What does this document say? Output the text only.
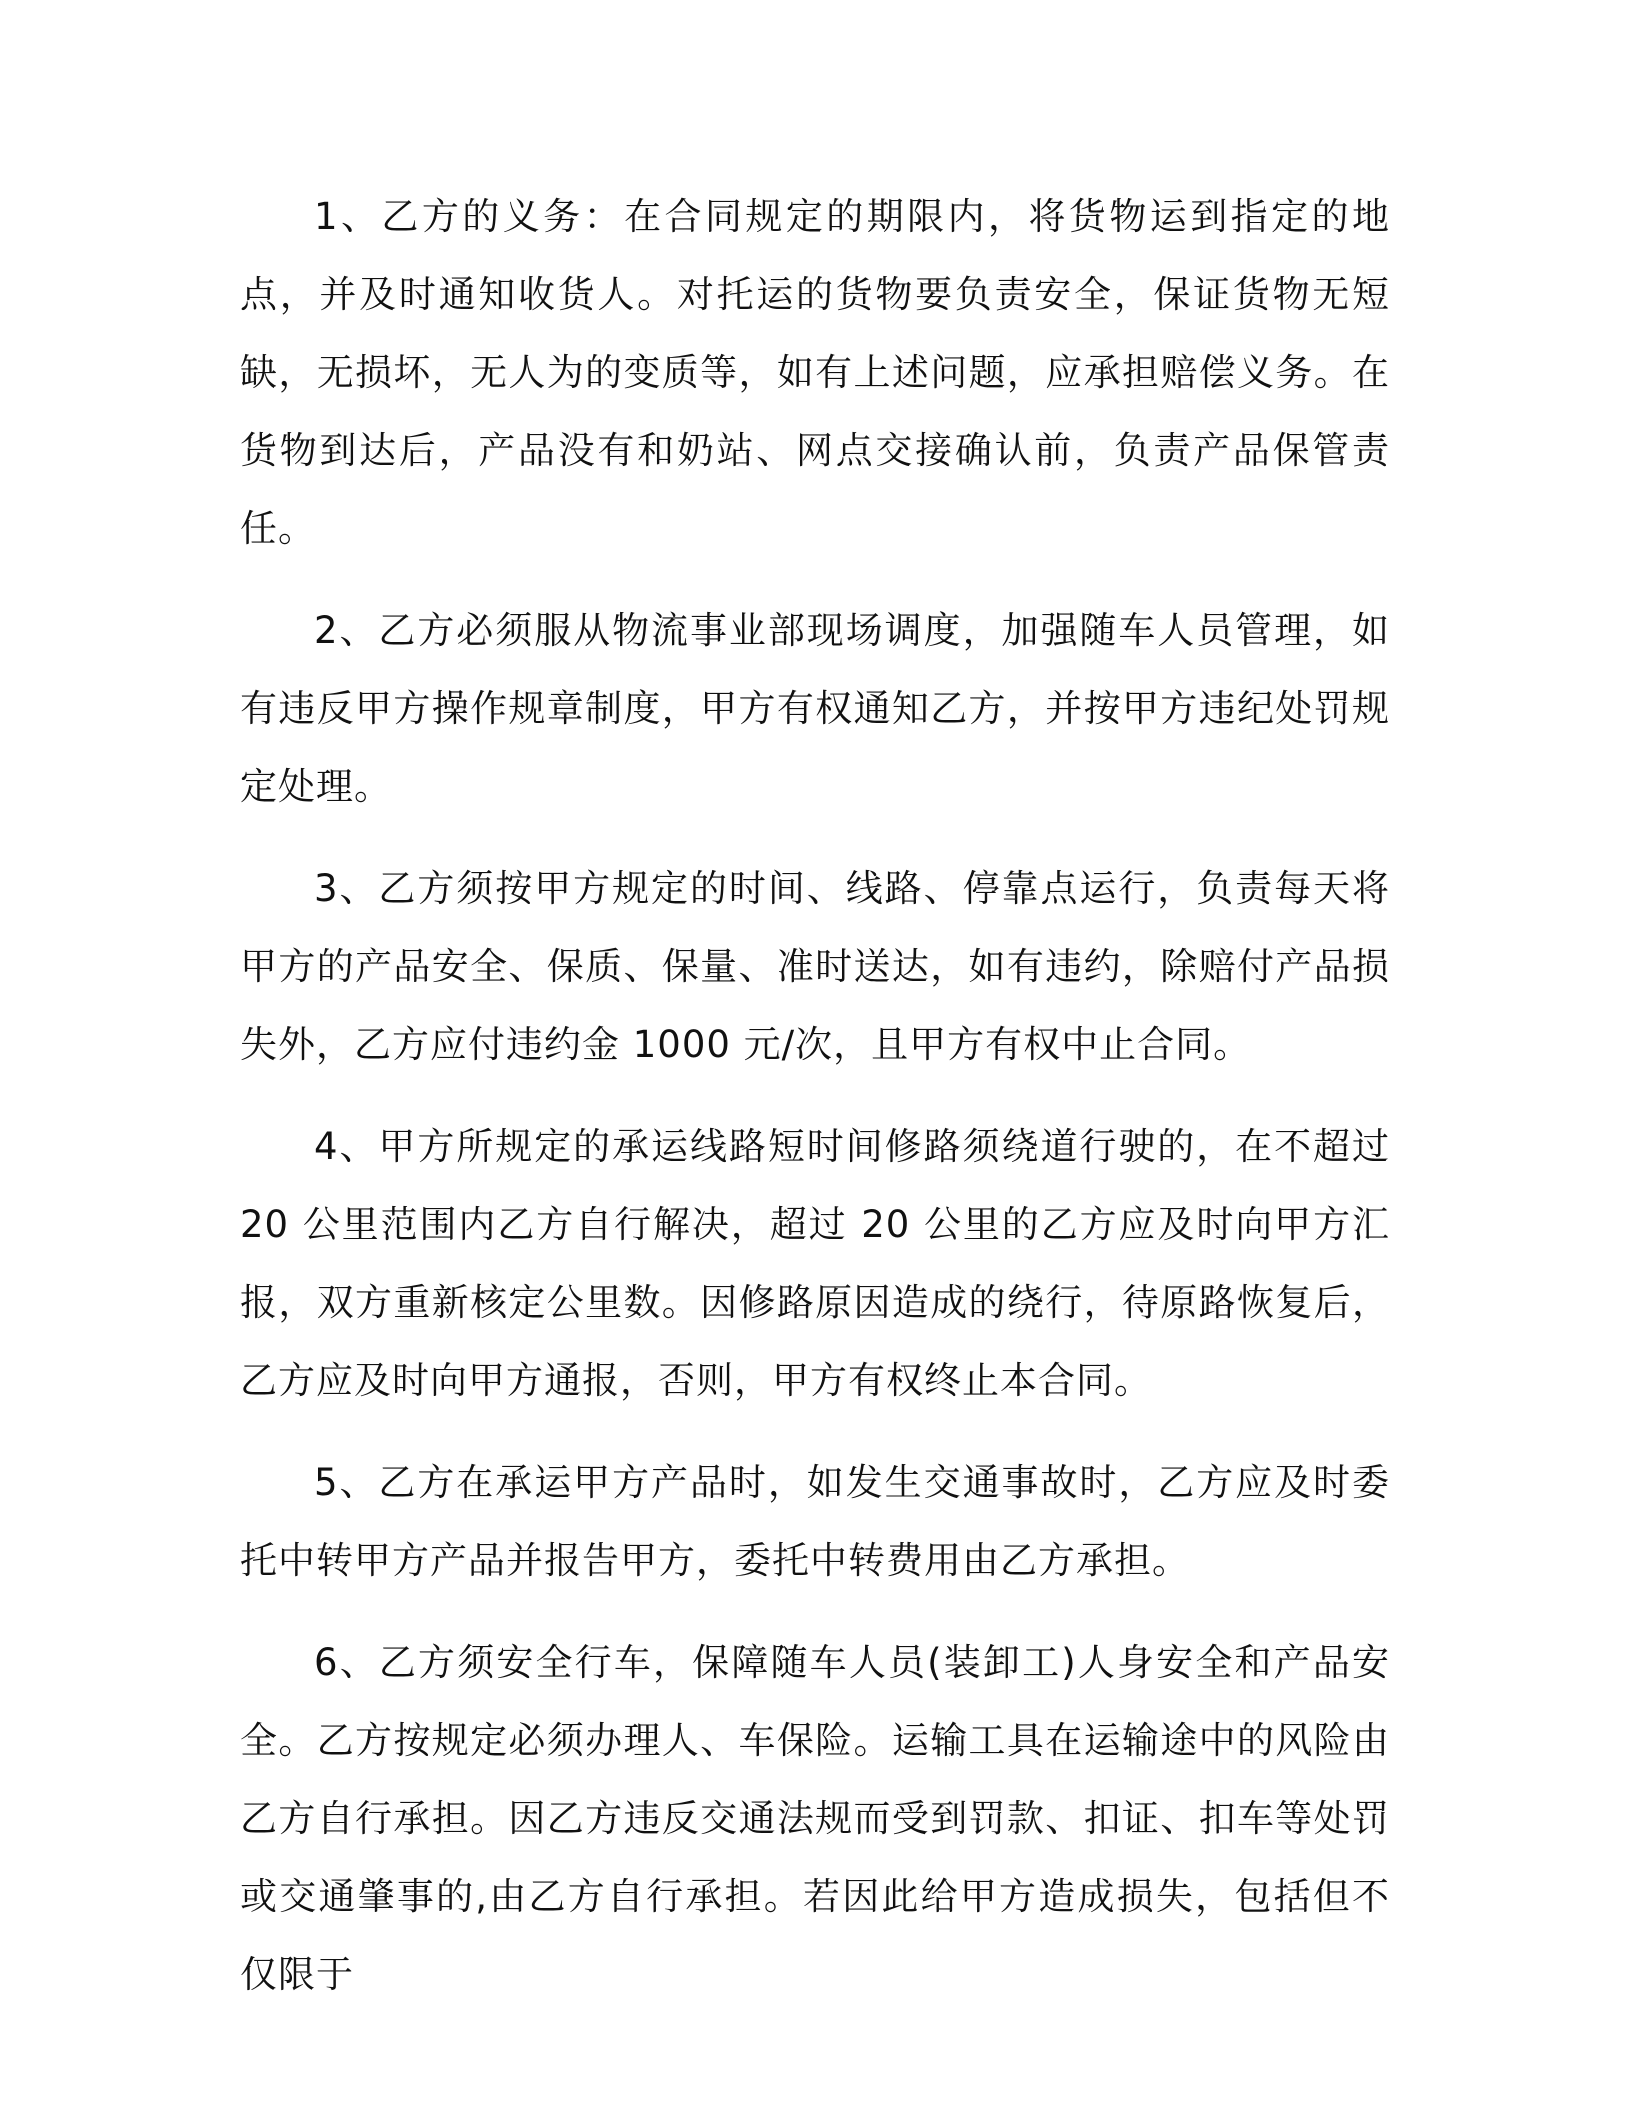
1、乙方的义务：在合同规定的期限内，将货物运到指定的地点，并及时通知收货人。对托运的货物要负责安全，保证货物无短缺，无损坏，无人为的变质等，如有上述问题，应承担赔偿义务。在货物到达后，产品没有和奶站、网点交接确认前，负责产品保管责任。

2、乙方必须服从物流事业部现场调度，加强随车人员管理，如有违反甲方操作规章制度，甲方有权通知乙方，并按甲方违纪处罚规定处理。

3、乙方须按甲方规定的时间、线路、停靠点运行，负责每天将甲方的产品安全、保质、保量、准时送达，如有违约，除赔付产品损失外，乙方应付违约金 1000 元/次，且甲方有权中止合同。

4、甲方所规定的承运线路短时间修路须绕道行驶的，在不超过 20 公里范围内乙方自行解决，超过 20 公里的乙方应及时向甲方汇报，双方重新核定公里数。因修路原因造成的绕行，待原路恢复后，乙方应及时向甲方通报，否则，甲方有权终止本合同。

5、乙方在承运甲方产品时，如发生交通事故时，乙方应及时委托中转甲方产品并报告甲方，委托中转费用由乙方承担。

6、乙方须安全行车，保障随车人员(装卸工)人身安全和产品安全。乙方按规定必须办理人、车保险。运输工具在运输途中的风险由乙方自行承担。因乙方违反交通法规而受到罚款、扣证、扣车等处罚或交通肇事的,由乙方自行承担。若因此给甲方造成损失，包括但不仅限于
